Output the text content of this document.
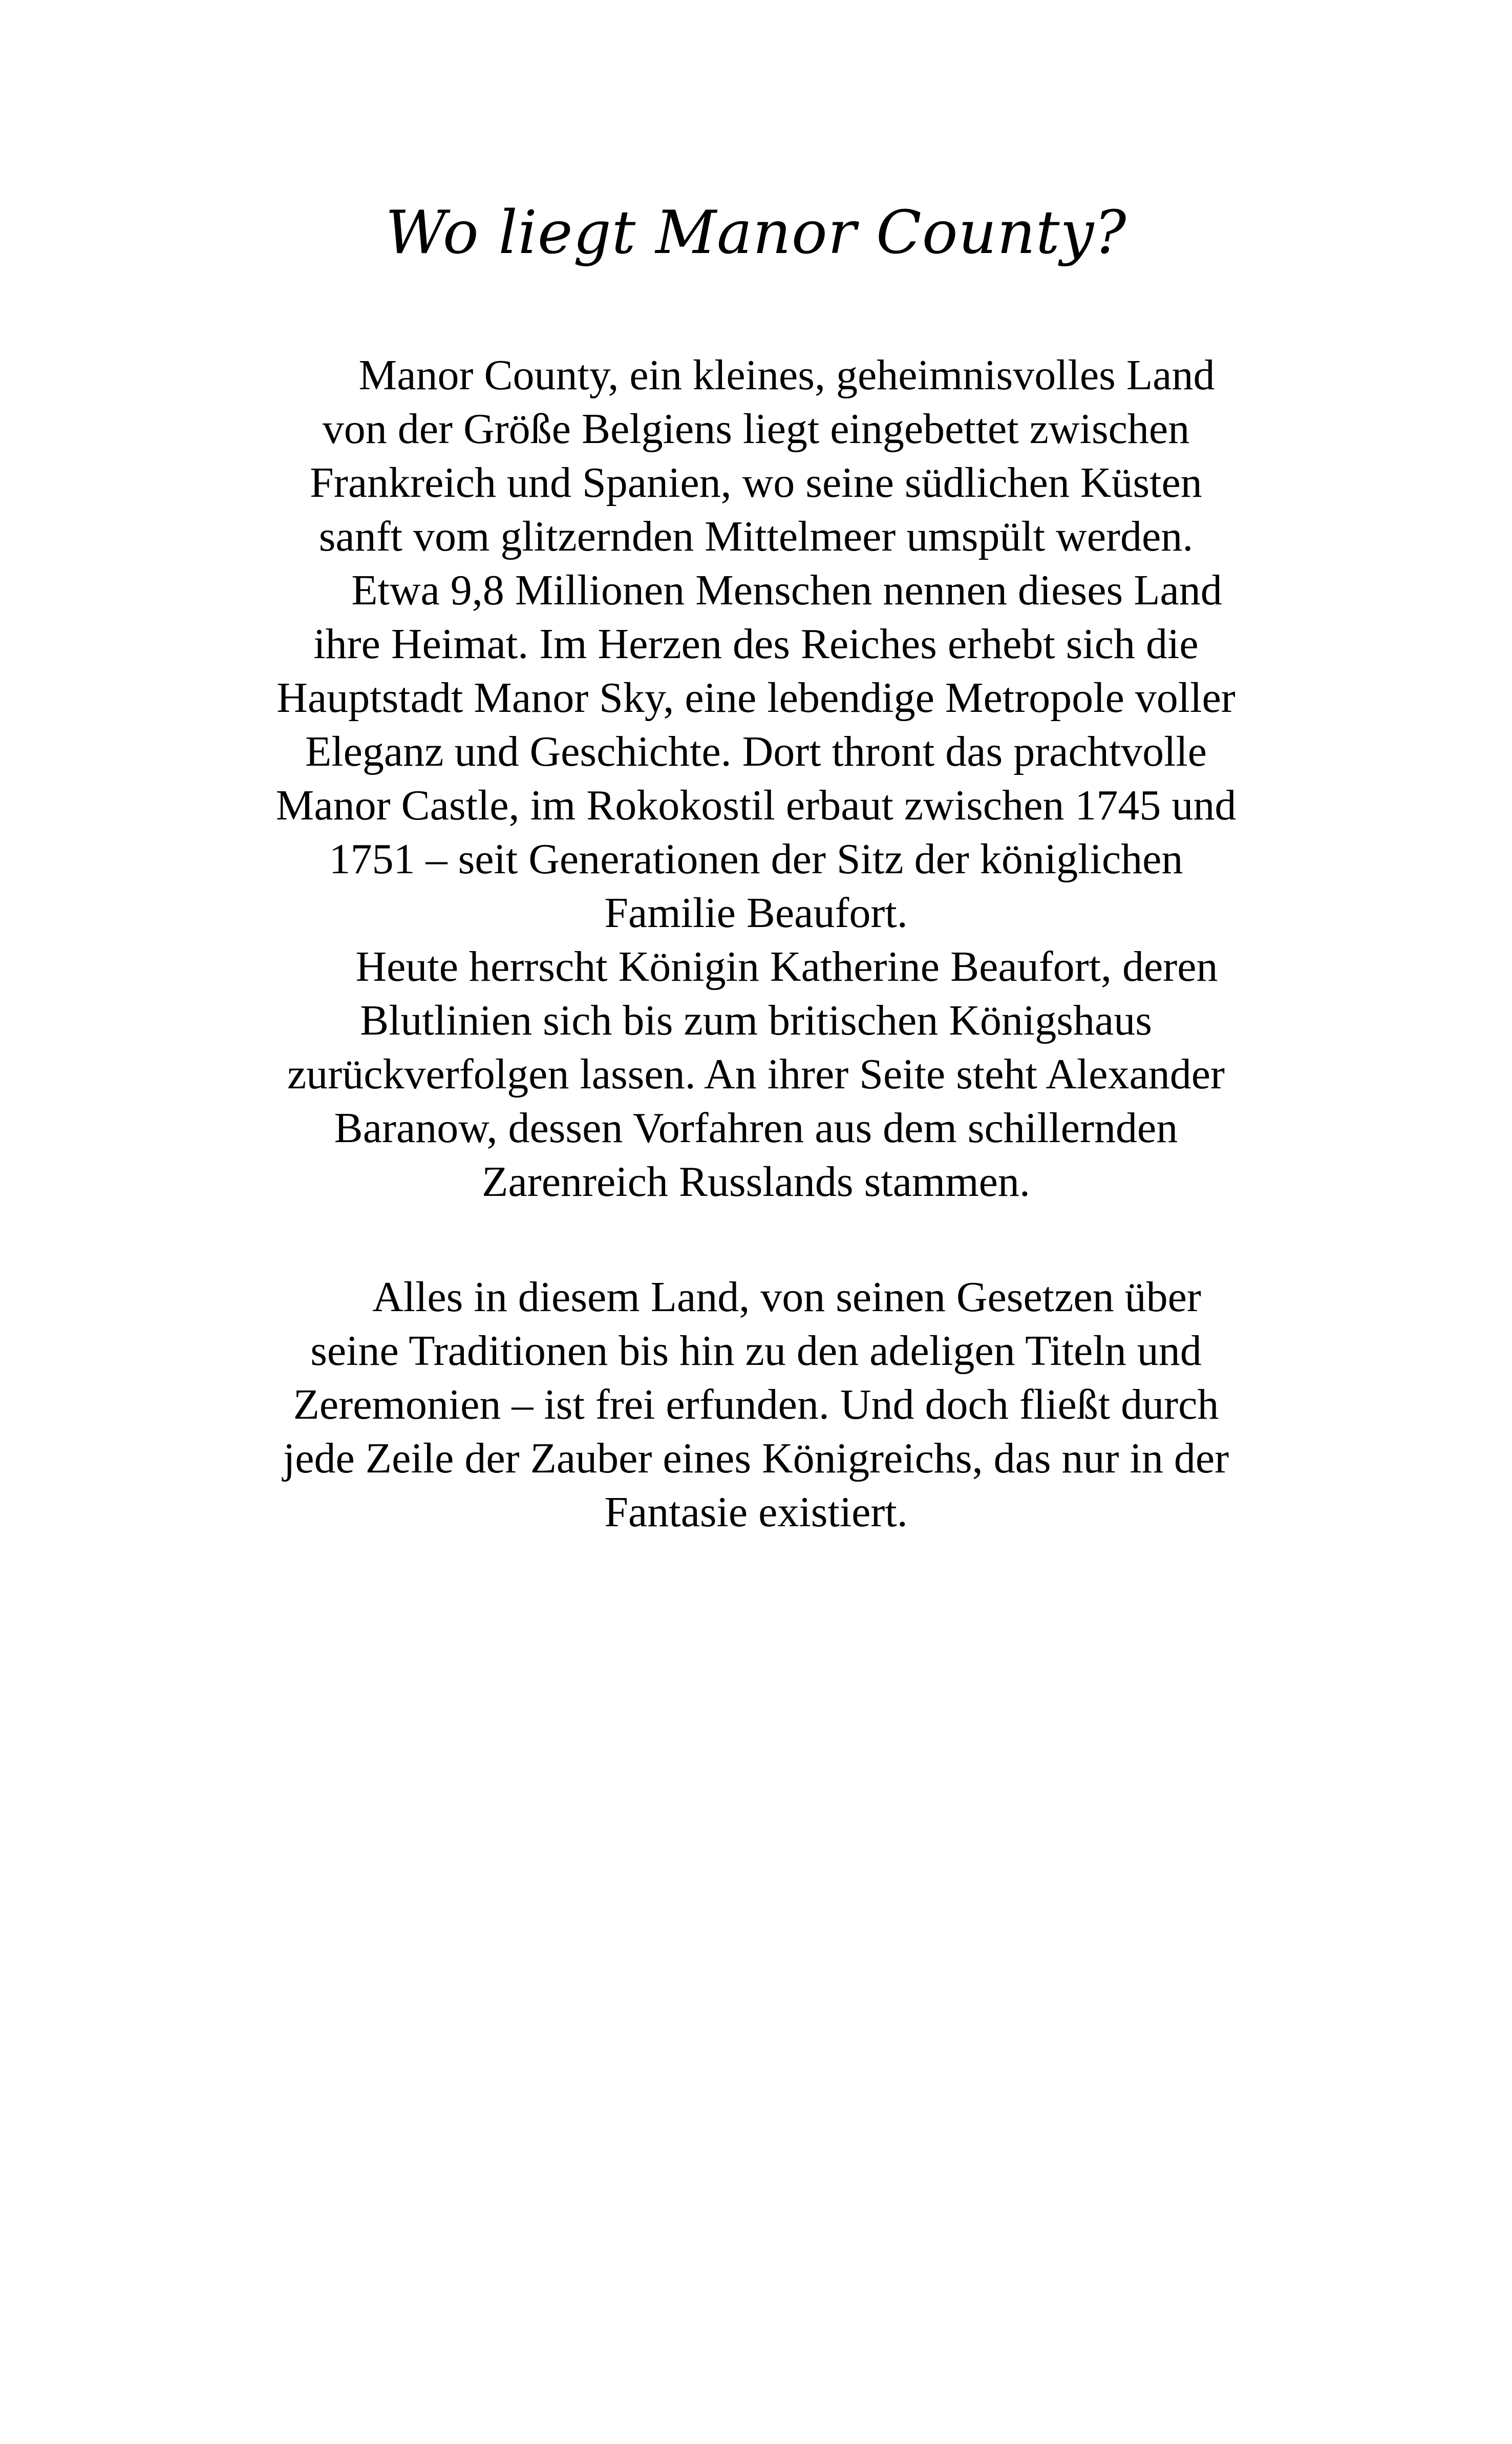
Wo liegt Manor County?
Manor County, ein kleines, geheimnisvolles Land
von der Größe Belgiens liegt eingebettet zwischen
Frankreich und Spanien, wo seine südlichen Küsten
sanft vom glitzernden Mittelmeer umspült werden.
Etwa 9,8 Millionen Menschen nennen dieses Land
ihre Heimat. Im Herzen des Reiches erhebt sich die
Hauptstadt Manor Sky, eine lebendige Metropole voller
Eleganz und Geschichte. Dort thront das prachtvolle
Manor Castle, im Rokokostil erbaut zwischen 1745 und
1751 – seit Generationen der Sitz der königlichen
Familie Beaufort.
Heute herrscht Königin Katherine Beaufort, deren
Blutlinien sich bis zum britischen Königshaus
zurückverfolgen lassen. An ihrer Seite steht Alexander
Baranow, dessen Vorfahren aus dem schillernden
Zarenreich Russlands stammen.
Alles in diesem Land, von seinen Gesetzen über
seine Traditionen bis hin zu den adeligen Titeln und
Zeremonien – ist frei erfunden. Und doch fließt durch
jede Zeile der Zauber eines Königreichs, das nur in der
Fantasie existiert.
